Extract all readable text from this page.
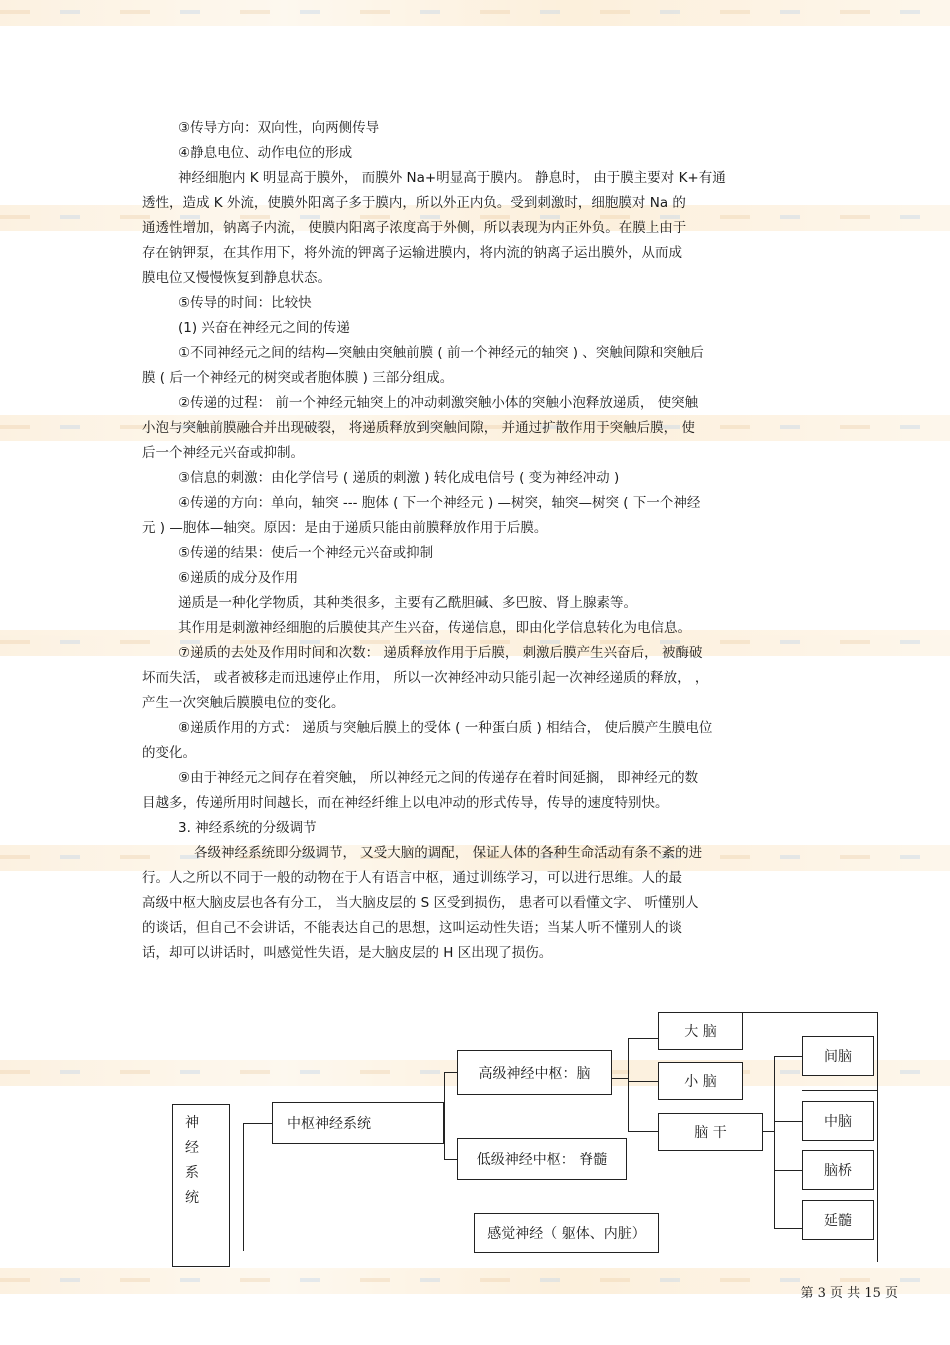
③传导方向：双向性，向两侧传导

④静息电位、动作电位的形成

神经细胞内 K 明显高于膜外， 而膜外 Na+明显高于膜内。 静息时， 由于膜主要对 K+有通

透性，造成 K 外流，使膜外阳离子多于膜内，所以外正内负。受到刺激时，细胞膜对 Na 的

通透性增加，钠离子内流， 使膜内阳离子浓度高于外侧，所以表现为内正外负。在膜上由于

存在钠钾泵，在其作用下，将外流的钾离子运输进膜内，将内流的钠离子运出膜外，从而成

膜电位又慢慢恢复到静息状态。

⑤传导的时间：比较快

(1) 兴奋在神经元之间的传递

①不同神经元之间的结构—突触由突触前膜 ( 前一个神经元的轴突 ) 、突触间隙和突触后

膜 ( 后一个神经元的树突或者胞体膜 ) 三部分组成。

②传递的过程： 前一个神经元轴突上的冲动刺激突触小体的突触小泡释放递质， 使突触

小泡与突触前膜融合并出现破裂， 将递质释放到突触间隙， 并通过扩散作用于突触后膜， 使

后一个神经元兴奋或抑制。

③信息的刺激：由化学信号 ( 递质的刺激 ) 转化成电信号 ( 变为神经冲动 )

④传递的方向：单向，轴突 --- 胞体 ( 下一个神经元 ) —树突，轴突—树突 ( 下一个神经

元 ) —胞体—轴突。原因：是由于递质只能由前膜释放作用于后膜。

⑤传递的结果：使后一个神经元兴奋或抑制

⑥递质的成分及作用

递质是一种化学物质，其种类很多，主要有乙酰胆碱、多巴胺、肾上腺素等。

其作用是刺激神经细胞的后膜使其产生兴奋，传递信息，即由化学信息转化为电信息。

⑦递质的去处及作用时间和次数： 递质释放作用于后膜， 刺激后膜产生兴奋后， 被酶破

坏而失活， 或者被移走而迅速停止作用， 所以一次神经冲动只能引起一次神经递质的释放， ，

产生一次突触后膜膜电位的变化。

⑧递质作用的方式： 递质与突触后膜上的受体 ( 一种蛋白质 ) 相结合， 使后膜产生膜电位

的变化。

⑨由于神经元之间存在着突触， 所以神经元之间的传递存在着时间延搁， 即神经元的数

目越多，传递所用时间越长，而在神经纤维上以电冲动的形式传导，传导的速度特别快。

3. 神经系统的分级调节

各级神经系统即分级调节， 又受大脑的调配， 保证人体的各种生命活动有条不紊的进

行。人之所以不同于一般的动物在于人有语言中枢，通过训练学习，可以进行思维。人的最

高级中枢大脑皮层也各有分工， 当大脑皮层的 S 区受到损伤， 患者可以看懂文字、 听懂别人

的谈话，但自己不会讲话，不能表达自己的思想，这叫运动性失语；当某人听不懂别人的谈

话，却可以讲话时，叫感觉性失语，是大脑皮层的 H 区出现了损伤。

神
经
系
统
中枢神经系统
高级神经中枢：脑
低级神经中枢： 脊髓
感觉神经（ 躯体、内脏）
大 脑
小 脑
脑 干
间脑
中脑
脑桥
延髓
第 3 页 共 15 页
